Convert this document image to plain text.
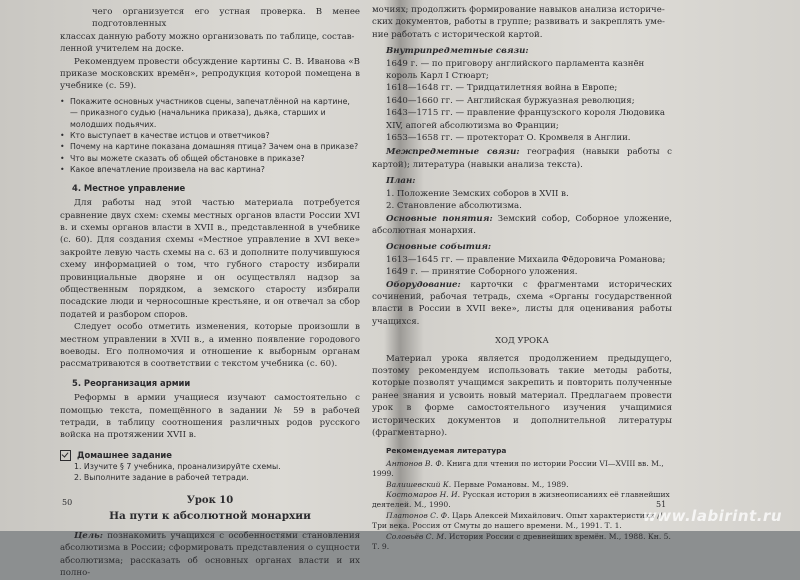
чего организуется его устная проверка. В менее подготовленных

классах данную работу можно организовать по таблице, состав-

ленной учителем на доске.

Рекомендуем провести обсуждение картины С. В. Иванова «В приказе московских времён», репродукция которой помещена в учебнике (с. 59).

• Покажите основных участников сцены, запечатлённой на картине, — приказного судью (начальника приказа), дьяка, старших и молодших подьячих.

• Кто выступает в качестве истцов и ответчиков?

• Почему на картине показана домашняя птица? Зачем она в приказе?

• Что вы можете сказать об общей обстановке в приказе?

• Какое впечатление произвела на вас картина?

4. Местное управление

Для работы над этой частью материала потребуется сравнение двух схем: схемы местных органов власти России XVI в. и схемы органов власти в XVII в., представленной в учебнике (с. 60). Для создания схемы «Местное управление в XVI веке» закройте левую часть схемы на с. 63 и дополните получившуюся схему информацией о том, что губного старосту избирали провинциальные дворяне и он осуществлял надзор за общественным порядком, а земского старосту избирали посадские люди и черносошные крестьяне, и он отвечал за сбор податей и разбором споров.

Следует особо отметить изменения, которые произошли в местном управлении в XVII в., а именно появление городового воеводы. Его полномочия и отношение к выборным органам рассматриваются в соответствии с текстом учебника (с. 60).

5. Реорганизация армии

Реформы в армии учащиеся изучают самостоятельно с помощью текста, помещённого в задании № 59 в рабочей тетради, в таблицу соотношения различных родов русского войска на протяжении XVII в.

Домашнее задание

1. Изучите § 7 учебника, проанализируйте схемы.

2. Выполните задание в рабочей тетради.

Урок 10
На пути к абсолютной монархии

Цель: познакомить учащихся с особенностями становления абсолютизма в России; сформировать представления о сущности абсолютизма; рассказать об основных органах власти и их полно-

50

мочиях; продолжить формирование навыков анализа историче-

ских документов, работы в группе; развивать и закреплять уме-

ние работать с исторической картой.

Внутрипредметные связи:
1649 г. — по приговору английского парламента казнён король Карл I Стюарт;
1618—1648 гг. — Тридцатилетняя война в Европе;
1640—1660 гг. — Английская буржуазная революция;
1643—1715 гг. — правление французского короля Людовика XIV, апогей абсолютизма во Франции;
1653—1658 гг. — протекторат О. Кромвеля в Англии.

Межпредметные связи: география (навыки работы с картой); литература (навыки анализа текста).

План:
1. Положение Земских соборов в XVII в.
2. Становление абсолютизма.

Основные понятия: Земский собор, Соборное уложение, абсолютная монархия.

Основные события:
1613—1645 гг. — правление Михаила Фёдоровича Романова;
1649 г. — принятие Соборного уложения.

Оборудование: карточки с фрагментами исторических сочинений, рабочая тетрадь, схема «Органы государственной власти в России в XVII веке», листы для оценивания работы учащихся.

ХОД УРОКА

Материал урока является продолжением предыдущего, поэтому рекомендуем использовать такие методы работы, которые позволят учащимся закрепить и повторить полученные ранее знания и усвоить новый материал. Предлагаем провести урок в форме самостоятельного изучения учащимися исторических документов и дополнительной литературы (фрагментарно).

Рекомендуемая литература

Антонов В. Ф. Книга для чтения по истории России VI—XVIII вв. М., 1999.

Валишевский К. Первые Романовы. М., 1989.

Костомаров Н. И. Русская история в жизнеописаниях её главнейших деятелей. М., 1990.

Платонов С. Ф. Царь Алексей Михайлович. Опыт характеристики // Три века. Россия от Смуты до нашего времени. М., 1991. Т. 1.

Соловьёв С. М. История России с древнейших времён. М., 1988. Кн. 5. Т. 9.

51
www.labirint.ru
